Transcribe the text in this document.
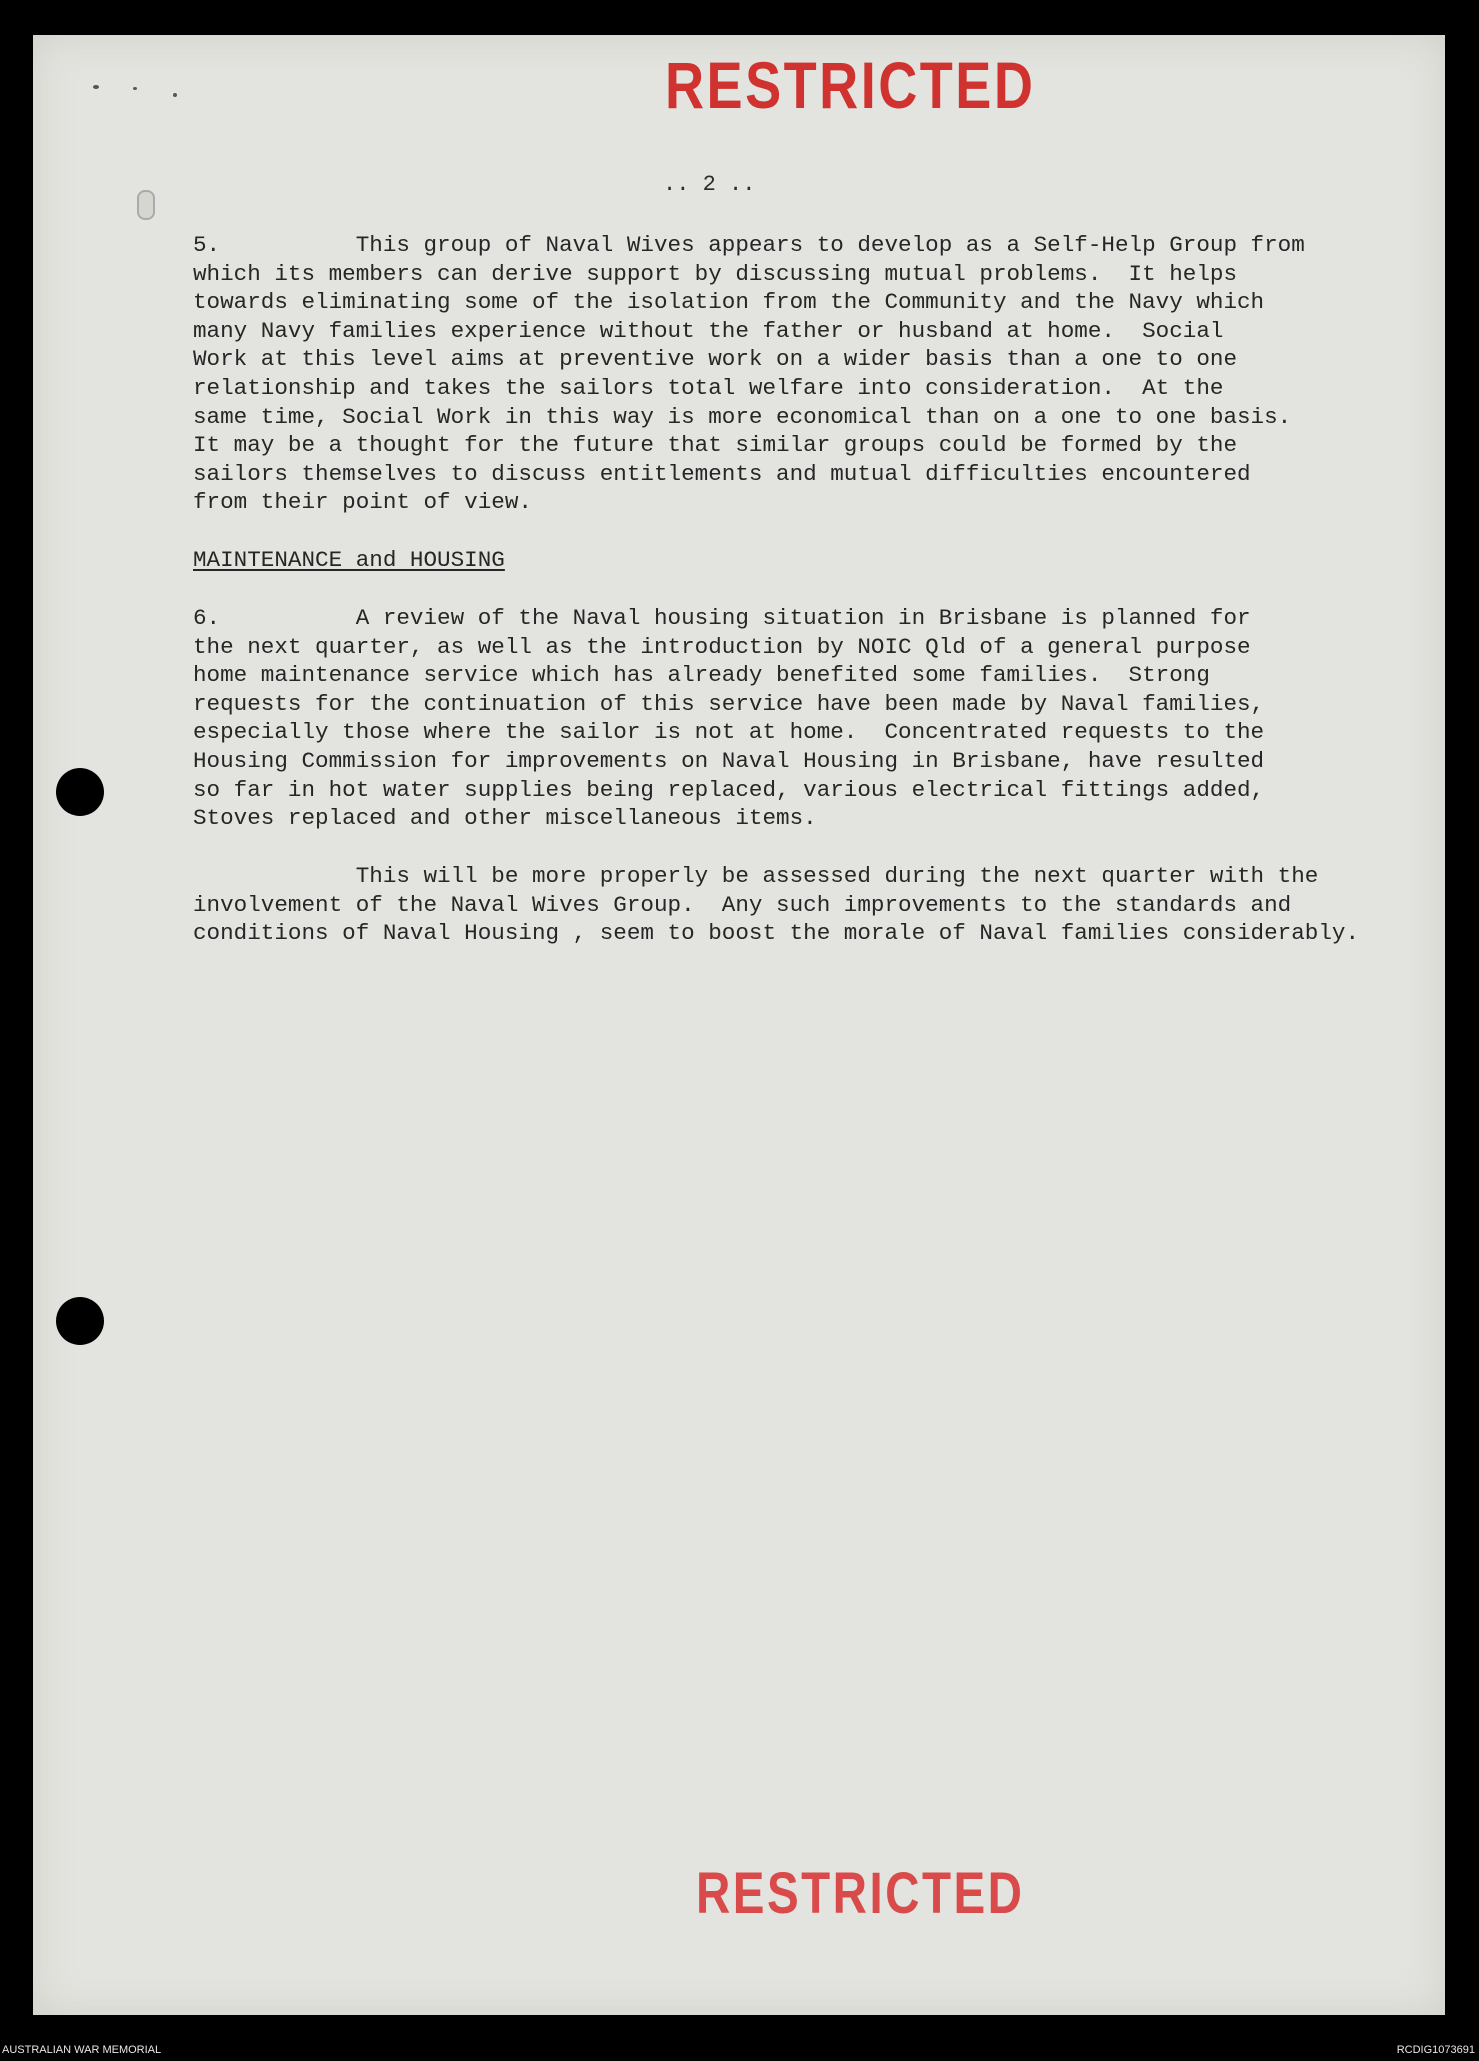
RESTRICTED
.. 2 ..
5.          This group of Naval Wives appears to develop as a Self-Help Group from
which its members can derive support by discussing mutual problems.  It helps
towards eliminating some of the isolation from the Community and the Navy which
many Navy families experience without the father or husband at home.  Social
Work at this level aims at preventive work on a wider basis than a one to one
relationship and takes the sailors total welfare into consideration.  At the
same time, Social Work in this way is more economical than on a one to one basis.
It may be a thought for the future that similar groups could be formed by the
sailors themselves to discuss entitlements and mutual difficulties encountered
from their point of view.
MAINTENANCE and HOUSING
6.          A review of the Naval housing situation in Brisbane is planned for
the next quarter, as well as the introduction by NOIC Qld of a general purpose
home maintenance service which has already benefited some families.  Strong
requests for the continuation of this service have been made by Naval families,
especially those where the sailor is not at home.  Concentrated requests to the
Housing Commission for improvements on Naval Housing in Brisbane, have resulted
so far in hot water supplies being replaced, various electrical fittings added,
Stoves replaced and other miscellaneous items.
This will be more properly be assessed during the next quarter with the
involvement of the Naval Wives Group.  Any such improvements to the standards and
conditions of Naval Housing , seem to boost the morale of Naval families considerably.
RESTRICTED
AUSTRALIAN WAR MEMORIAL	RCDIG1073691
